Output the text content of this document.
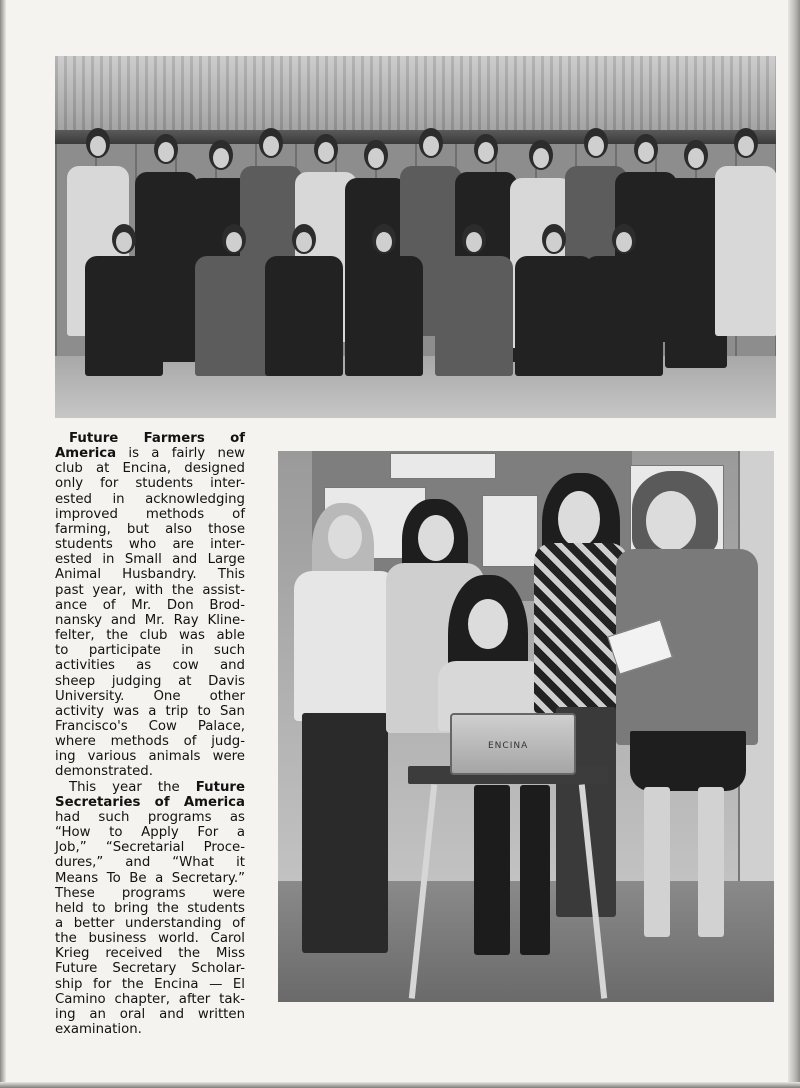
ENCINA

Future Farmers of
America is a fairly new
club at Encina, designed
only for students inter-
ested in acknowledging
improved methods of
farming, but also those
students who are inter-
ested in Small and Large
Animal Husbandry. This
past year, with the assist-
ance of Mr. Don Brod-
nansky and Mr. Ray Kline-
felter, the club was able
to participate in such
activities as cow and
sheep judging at Davis
University. One other
activity was a trip to San
Francisco's Cow Palace,
where methods of judg-
ing various animals were
demonstrated.

This year the Future
Secretaries of America
had such programs as
“How to Apply For a
Job,” “Secretarial Proce-
dures,” and “What it
Means To Be a Secretary.”
These programs were
held to bring the students
a better understanding of
the business world. Carol
Krieg received the Miss
Future Secretary Scholar-
ship for the Encina — El
Camino chapter, after tak-
ing an oral and written
examination.
